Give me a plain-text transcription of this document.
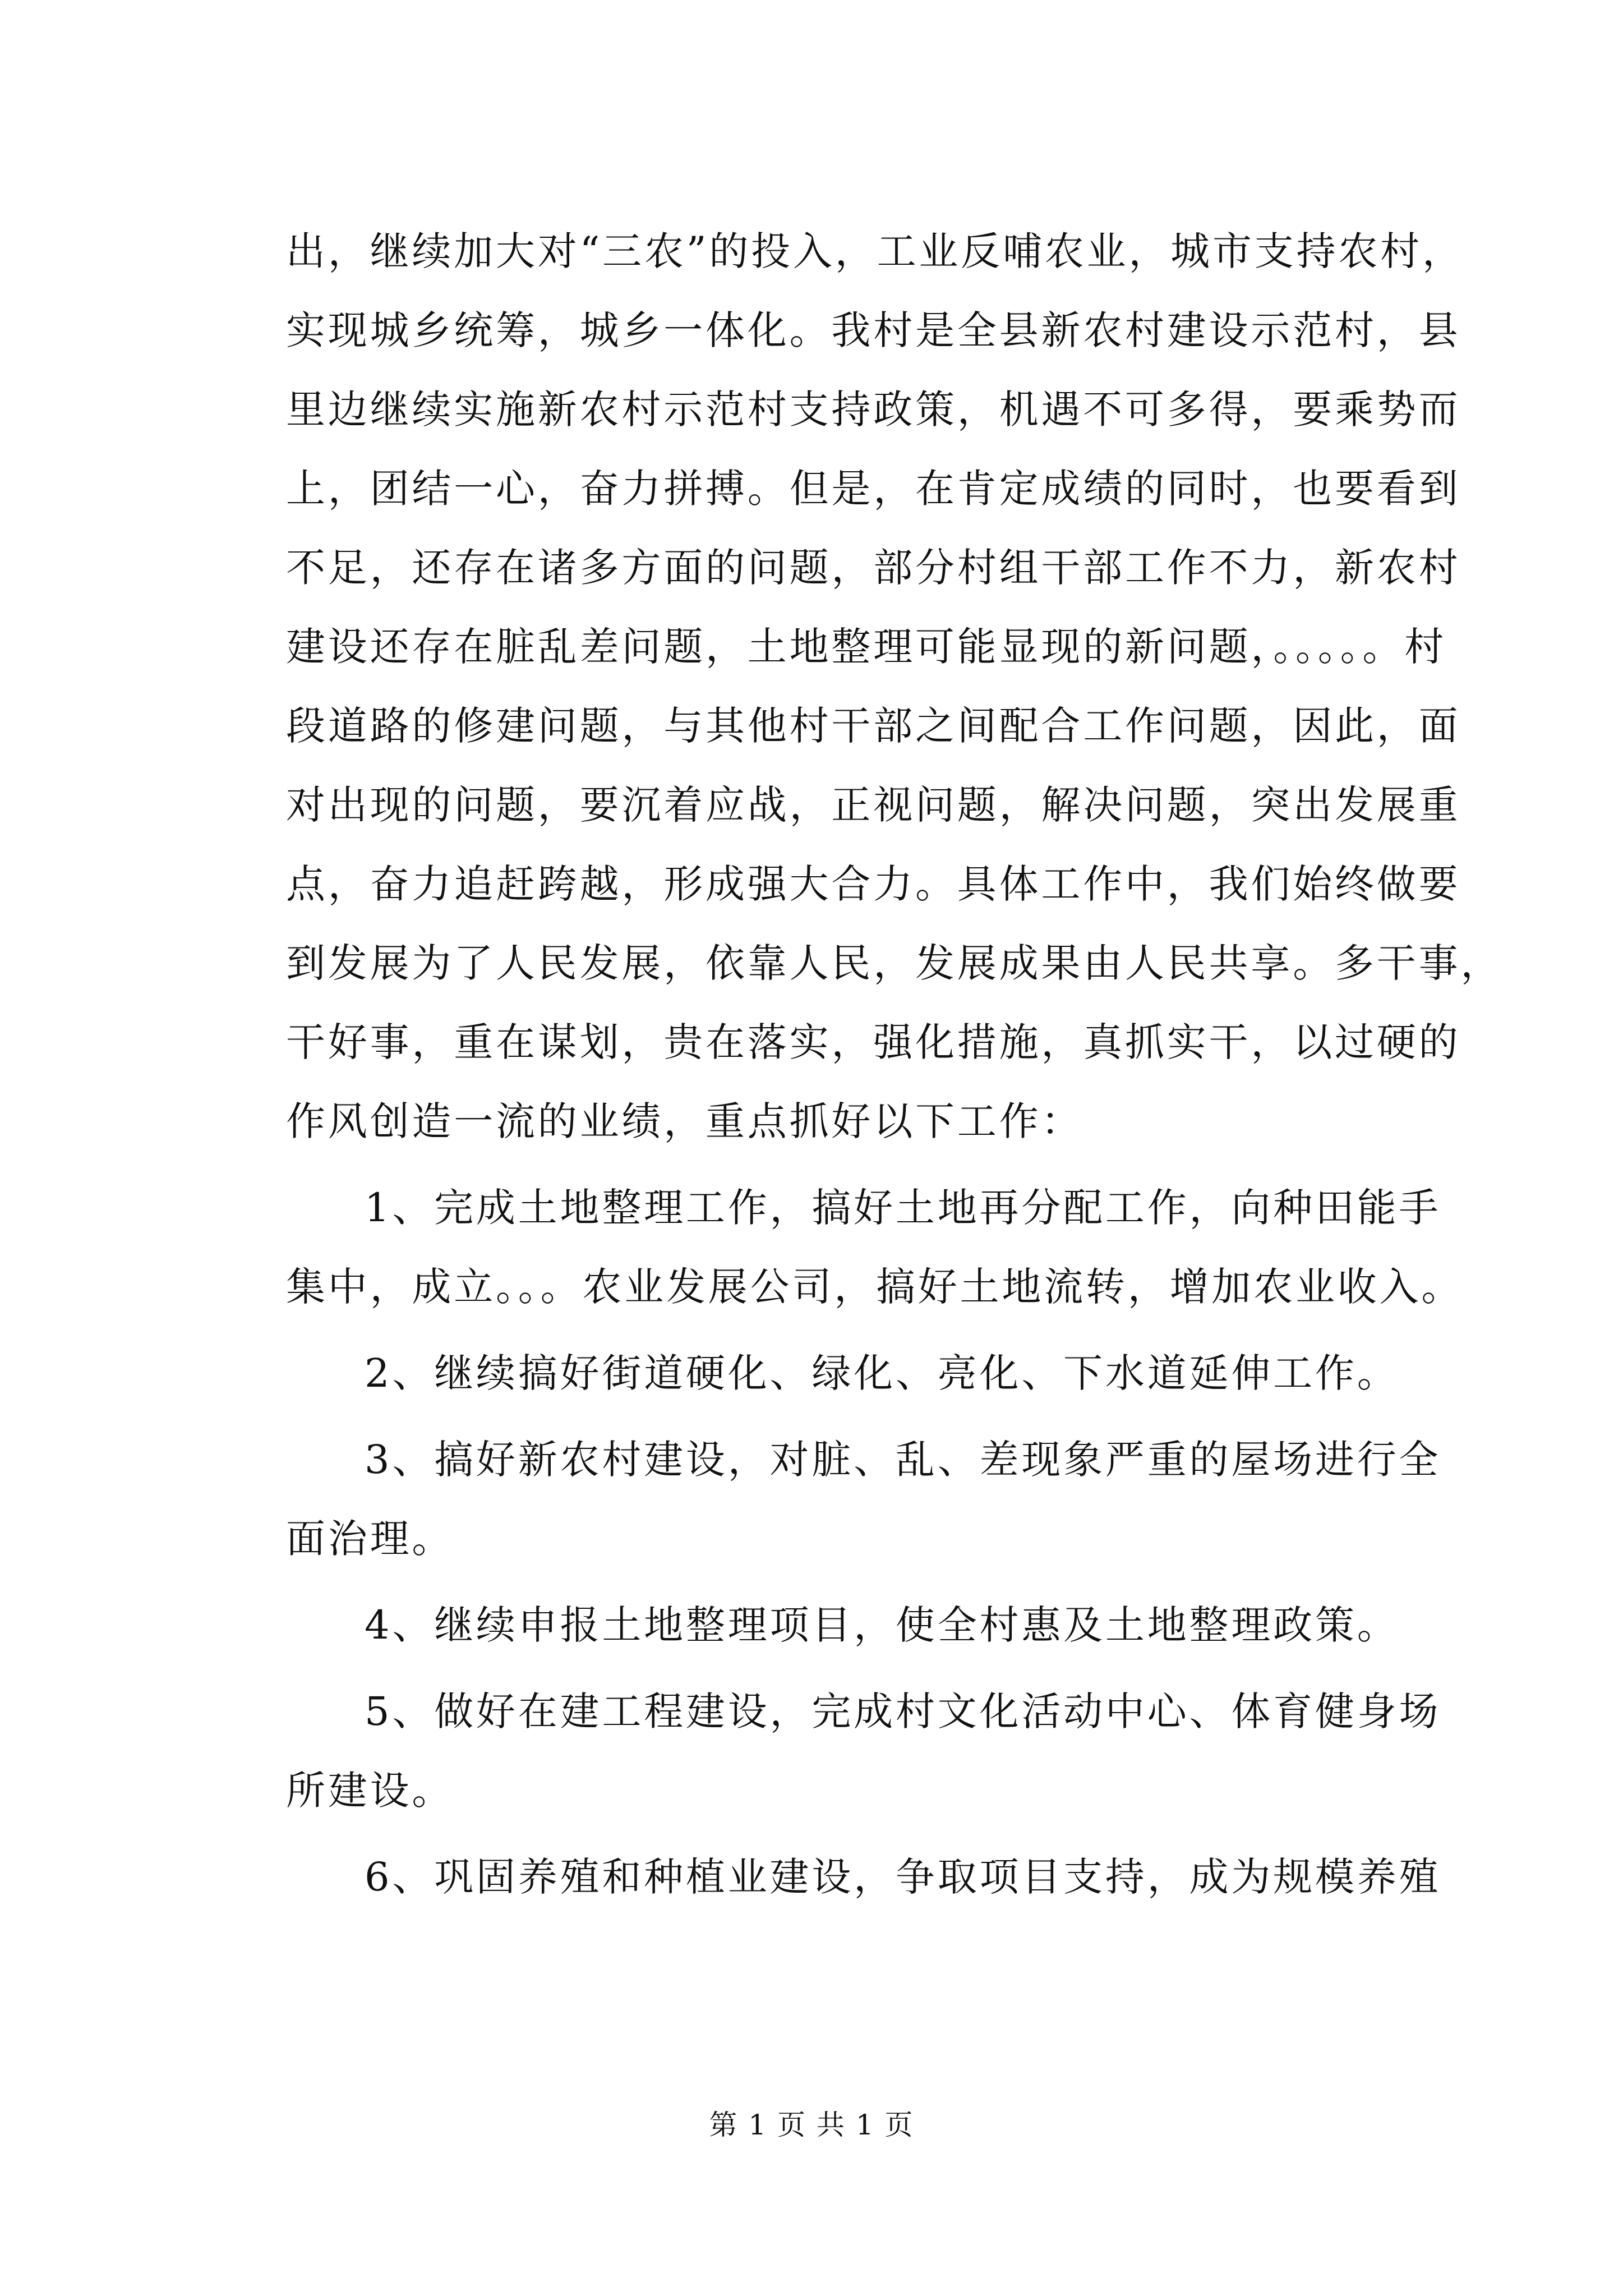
出，继续加大对“三农”的投入，工业反哺农业，城市支持农村，
实现城乡统筹，城乡一体化。我村是全县新农村建设示范村，县
里边继续实施新农村示范村支持政策，机遇不可多得，要乘势而
上，团结一心，奋力拼搏。但是，在肯定成绩的同时，也要看到
不足，还存在诸多方面的问题，部分村组干部工作不力，新农村
建设还存在脏乱差问题，土地整理可能显现的新问题，。。。。。村
段道路的修建问题，与其他村干部之间配合工作问题，因此，面
对出现的问题，要沉着应战，正视问题，解决问题，突出发展重
点，奋力追赶跨越，形成强大合力。具体工作中，我们始终做要
到发展为了人民发展，依靠人民，发展成果由人民共享。多干事，
干好事，重在谋划，贵在落实，强化措施，真抓实干，以过硬的
作风创造一流的业绩，重点抓好以下工作：
1、完成土地整理工作，搞好土地再分配工作，向种田能手
集中，成立。。。农业发展公司，搞好土地流转，增加农业收入。
2、继续搞好街道硬化、绿化、亮化、下水道延伸工作。
3、搞好新农村建设，对脏、乱、差现象严重的屋场进行全
面治理。
4、继续申报土地整理项目，使全村惠及土地整理政策。
5、做好在建工程建设，完成村文化活动中心、体育健身场
所建设。
6、巩固养殖和种植业建设，争取项目支持，成为规模养殖
第 1 页 共 1 页
